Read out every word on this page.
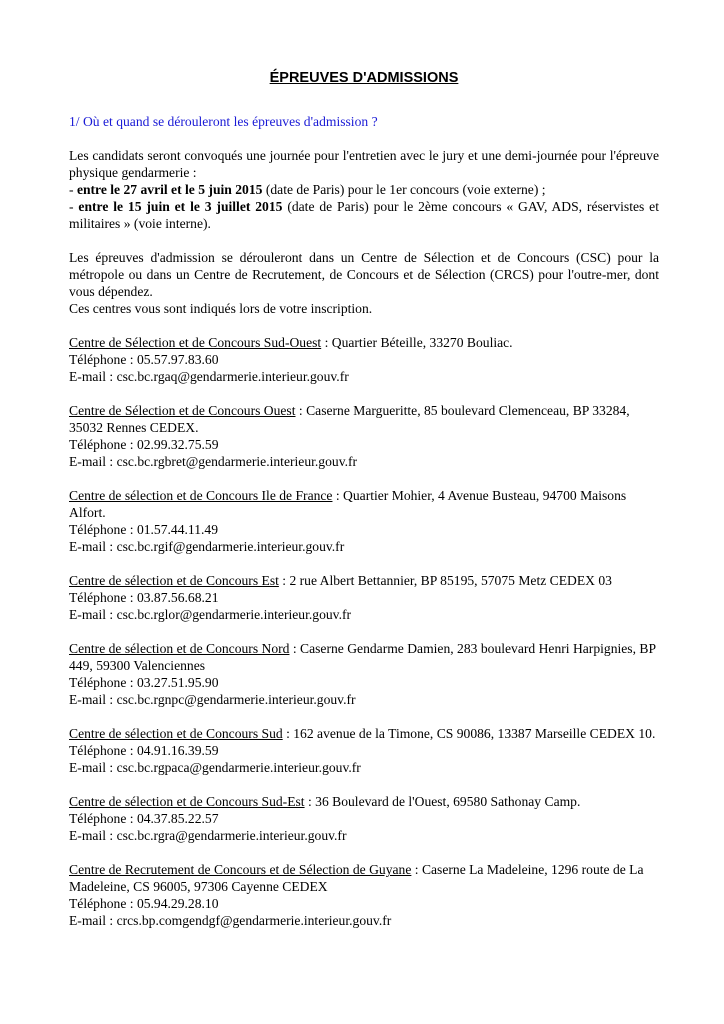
ÉPREUVES D'ADMISSIONS
1/ Où et quand se dérouleront les épreuves d'admission ?
Les candidats seront convoqués une journée pour l'entretien avec le jury et une demi-journée pour l'épreuve physique gendarmerie :
- entre le 27 avril et le 5 juin 2015 (date de Paris) pour le 1er concours (voie externe) ;
- entre le 15 juin et le 3 juillet 2015 (date de Paris) pour le 2ème concours « GAV, ADS, réservistes et militaires » (voie interne).
Les épreuves d'admission se dérouleront dans un Centre de Sélection et de Concours (CSC) pour la métropole ou dans un Centre de Recrutement, de Concours et de Sélection (CRCS) pour l'outre-mer, dont vous dépendez.
Ces centres vous sont indiqués lors de votre inscription.
Centre de Sélection et de Concours Sud-Ouest : Quartier Béteille, 33270 Bouliac.
Téléphone : 05.57.97.83.60
E-mail : csc.bc.rgaq@gendarmerie.interieur.gouv.fr
Centre de Sélection et de Concours Ouest : Caserne Margueritte, 85 boulevard Clemenceau, BP 33284, 35032 Rennes CEDEX.
Téléphone : 02.99.32.75.59
E-mail : csc.bc.rgbret@gendarmerie.interieur.gouv.fr
Centre de sélection et de Concours Ile de France : Quartier Mohier, 4 Avenue Busteau, 94700 Maisons Alfort.
Téléphone : 01.57.44.11.49
E-mail : csc.bc.rgif@gendarmerie.interieur.gouv.fr
Centre de sélection et de Concours Est : 2 rue Albert Bettannier, BP 85195, 57075 Metz CEDEX 03
Téléphone : 03.87.56.68.21
E-mail : csc.bc.rglor@gendarmerie.interieur.gouv.fr
Centre de sélection et de Concours Nord : Caserne Gendarme Damien, 283 boulevard Henri Harpignies, BP 449, 59300 Valenciennes
Téléphone : 03.27.51.95.90
E-mail : csc.bc.rgnpc@gendarmerie.interieur.gouv.fr
Centre de sélection et de Concours Sud : 162 avenue de la Timone, CS 90086, 13387 Marseille CEDEX 10.
Téléphone : 04.91.16.39.59
E-mail : csc.bc.rgpaca@gendarmerie.interieur.gouv.fr
Centre de sélection et de Concours Sud-Est : 36 Boulevard de l'Ouest, 69580 Sathonay Camp.
Téléphone : 04.37.85.22.57
E-mail : csc.bc.rgra@gendarmerie.interieur.gouv.fr
Centre de Recrutement de Concours et de Sélection de Guyane : Caserne La Madeleine, 1296 route de La Madeleine, CS 96005, 97306 Cayenne CEDEX
Téléphone : 05.94.29.28.10
E-mail : crcs.bp.comgendgf@gendarmerie.interieur.gouv.fr
